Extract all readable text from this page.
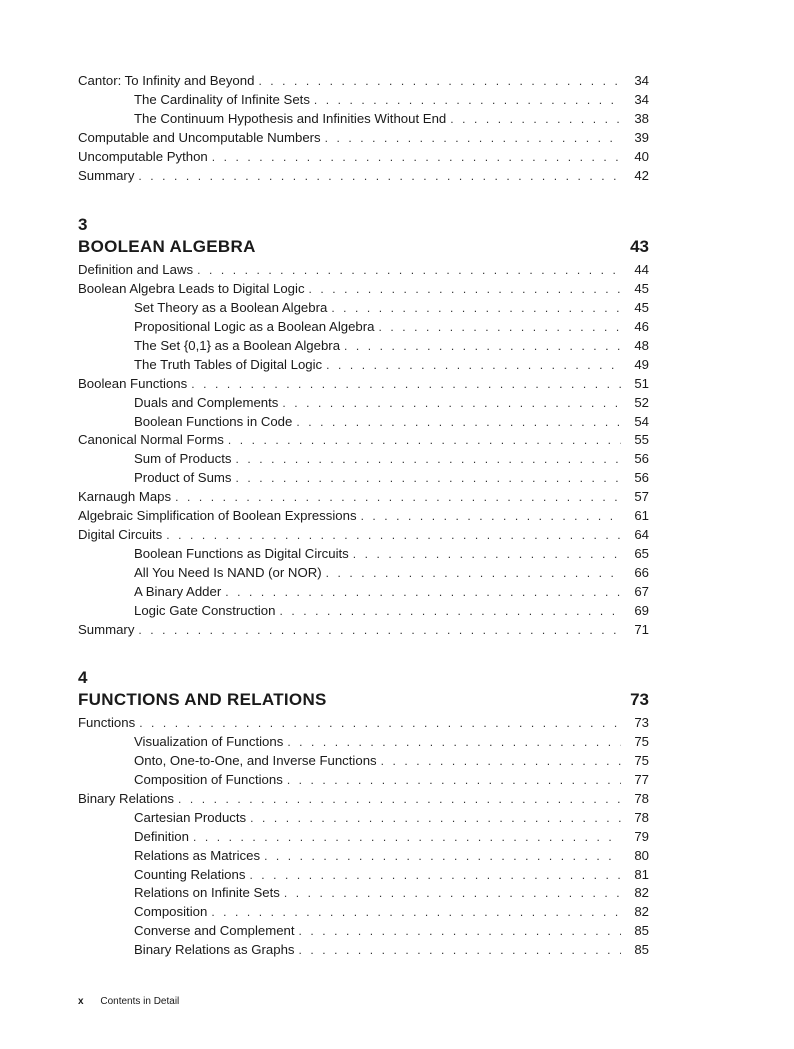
Cantor: To Infinity and Beyond . . .	34
The Cardinality of Infinite Sets . . .	34
The Continuum Hypothesis and Infinities Without End . . .	38
Computable and Uncomputable Numbers . . .	39
Uncomputable Python . . .	40
Summary . . .	42
3
BOOLEAN ALGEBRA	43
Definition and Laws . . .	44
Boolean Algebra Leads to Digital Logic . . .	45
Set Theory as a Boolean Algebra . . .	45
Propositional Logic as a Boolean Algebra . . .	46
The Set {0,1} as a Boolean Algebra . . .	48
The Truth Tables of Digital Logic . . .	49
Boolean Functions . . .	51
Duals and Complements . . .	52
Boolean Functions in Code . . .	54
Canonical Normal Forms . . .	55
Sum of Products . . .	56
Product of Sums . . .	56
Karnaugh Maps . . .	57
Algebraic Simplification of Boolean Expressions . . .	61
Digital Circuits . . .	64
Boolean Functions as Digital Circuits . . .	65
All You Need Is NAND (or NOR) . . .	66
A Binary Adder . . .	67
Logic Gate Construction . . .	69
Summary . . .	71
4
FUNCTIONS AND RELATIONS	73
Functions . . .	73
Visualization of Functions . . .	75
Onto, One-to-One, and Inverse Functions . . .	75
Composition of Functions . . .	77
Binary Relations . . .	78
Cartesian Products . . .	78
Definition . . .	79
Relations as Matrices . . .	80
Counting Relations . . .	81
Relations on Infinite Sets . . .	82
Composition . . .	82
Converse and Complement . . .	85
Binary Relations as Graphs . . .	85
x Contents in Detail
